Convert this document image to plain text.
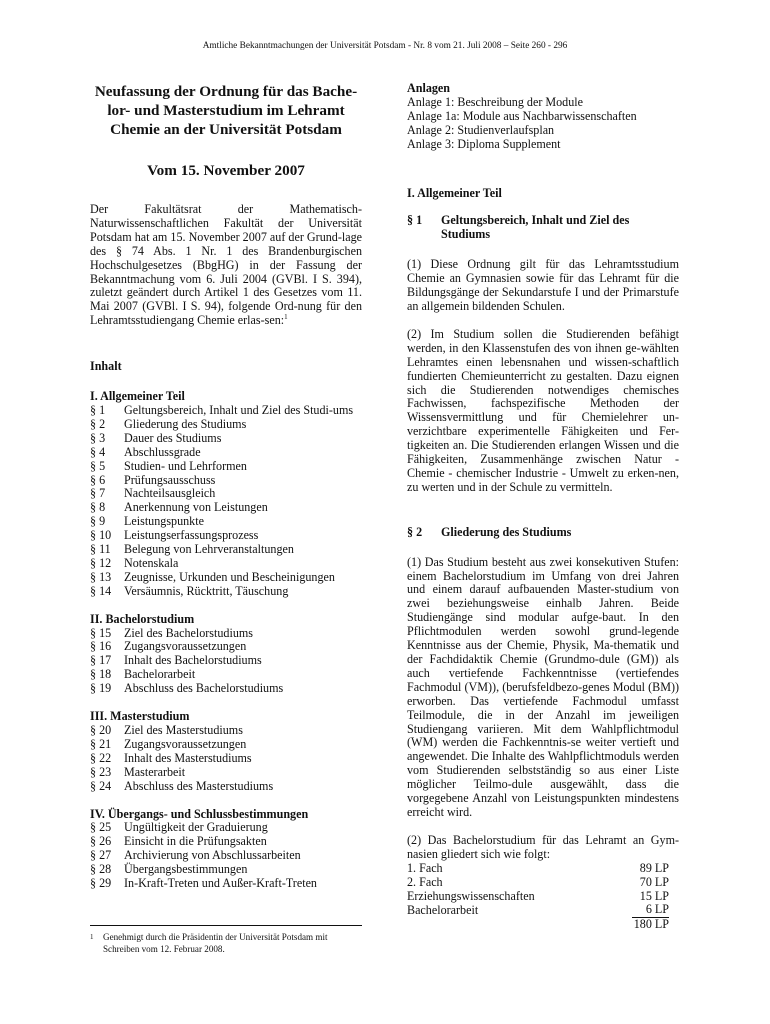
Amtliche Bekanntmachungen der Universität Potsdam - Nr. 8 vom 21. Juli 2008 – Seite 260 - 296
Neufassung der Ordnung für das Bache-lor- und Masterstudium im Lehramt Chemie an der Universität Potsdam

Vom 15. November 2007

Der Fakultätsrat der Mathematisch-Naturwissenschaftlichen Fakultät der Universität Potsdam hat am 15. November 2007 auf der Grund-lage des § 74 Abs. 1 Nr. 1 des Brandenburgischen Hochschulgesetzes (BbgHG) in der Fassung der Bekanntmachung vom 6. Juli 2004 (GVBl. I S. 394), zuletzt geändert durch Artikel 1 des Gesetzes vom 11. Mai 2007 (GVBl. I S. 94), folgende Ord-nung für den Lehramtsstudiengang Chemie erlas-sen:$^1$

Inhalt

I. Allgemeiner Teil

§ 1	Geltungsbereich, Inhalt und Ziel des Studi-ums
§ 2	Gliederung des Studiums
§ 3	Dauer des Studiums
§ 4	Abschlussgrade
§ 5	Studien- und Lehrformen
§ 6	Prüfungsausschuss
§ 7	Nachteilsausgleich
§ 8	Anerkennung von Leistungen
§ 9	Leistungspunkte
§ 10	Leistungserfassungsprozess
§ 11	Belegung von Lehrveranstaltungen
§ 12	Notenskala
§ 13	Zeugnisse, Urkunden und Bescheinigungen
§ 14	Versäumnis, Rücktritt, Täuschung

II. Bachelorstudium

§ 15	Ziel des Bachelorstudiums
§ 16	Zugangsvoraussetzungen
§ 17	Inhalt des Bachelorstudiums
§ 18	Bachelorarbeit
§ 19	Abschluss des Bachelorstudiums

III. Masterstudium

§ 20	Ziel des Masterstudiums
§ 21	Zugangsvoraussetzungen
§ 22	Inhalt des Masterstudiums
§ 23	Masterarbeit
§ 24	Abschluss des Masterstudiums

IV. Übergangs- und Schlussbestimmungen

§ 25	Ungültigkeit der Graduierung
§ 26	Einsicht in die Prüfungsakten
§ 27	Archivierung von Abschlussarbeiten
§ 28	Übergangsbestimmungen
§ 29	In-Kraft-Treten und Außer-Kraft-Treten
1	Genehmigt durch die Präsidentin der Universität Potsdam mit Schreiben vom 12. Februar 2008.

Anlagen

Anlage 1: Beschreibung der Module

Anlage 1a: Module aus Nachbarwissenschaften

Anlage 2: Studienverlaufsplan

Anlage 3: Diploma Supplement

I. Allgemeiner Teil

§ 1	Geltungsbereich, Inhalt und Ziel des Studiums

(1) Diese Ordnung gilt für das Lehramtsstudium Chemie an Gymnasien sowie für das Lehramt für die Bildungsgänge der Sekundarstufe I und der Primarstufe an allgemein bildenden Schulen.

(2) Im Studium sollen die Studierenden befähigt werden, in den Klassenstufen des von ihnen ge-wählten Lehramtes einen lebensnahen und wissen-schaftlich fundierten Chemieunterricht zu gestalten. Dazu eignen sich die Studierenden notwendiges chemisches Fachwissen, fachspezifische Methoden der Wissensvermittlung und für Chemielehrer un-verzichtbare experimentelle Fähigkeiten und Fer-tigkeiten an. Die Studierenden erlangen Wissen und die Fähigkeiten, Zusammenhänge zwischen Natur - Chemie - chemischer Industrie - Umwelt zu erken-nen, zu werten und in der Schule zu vermitteln.

§ 2	Gliederung des Studiums

(1) Das Studium besteht aus zwei konsekutiven Stufen: einem Bachelorstudium im Umfang von drei Jahren und einem darauf aufbauenden Master-studium von zwei beziehungsweise einhalb Jahren. Beide Studiengänge sind modular aufge-baut. In den Pflichtmodulen werden sowohl grund-legende Kenntnisse aus der Chemie, Physik, Ma-thematik und der Fachdidaktik Chemie (Grundmo-dule (GM)) als auch vertiefende Fachkenntnisse (vertiefendes Fachmodul (VM)), (berufsfeldbezo-genes Modul (BM)) erworben. Das vertiefende Fachmodul umfasst Teilmodule, die in der Anzahl im jeweiligen Studiengang variieren. Mit dem Wahlpflichtmodul (WM) werden die Fachkenntnis-se weiter vertieft und angewendet. Die Inhalte des Wahlpflichtmoduls werden vom Studierenden selbstständig so aus einer Liste möglicher Teilmo-dule ausgewählt, dass die vorgegebene Anzahl von Leistungspunkten mindestens erreicht wird.

(2) Das Bachelorstudium für das Lehramt an Gym-nasien gliedert sich wie folgt:

1. Fach	89 LP
2. Fach	70 LP
Erziehungswissenschaften	15 LP
Bachelorarbeit	6 LP
	180 LP
